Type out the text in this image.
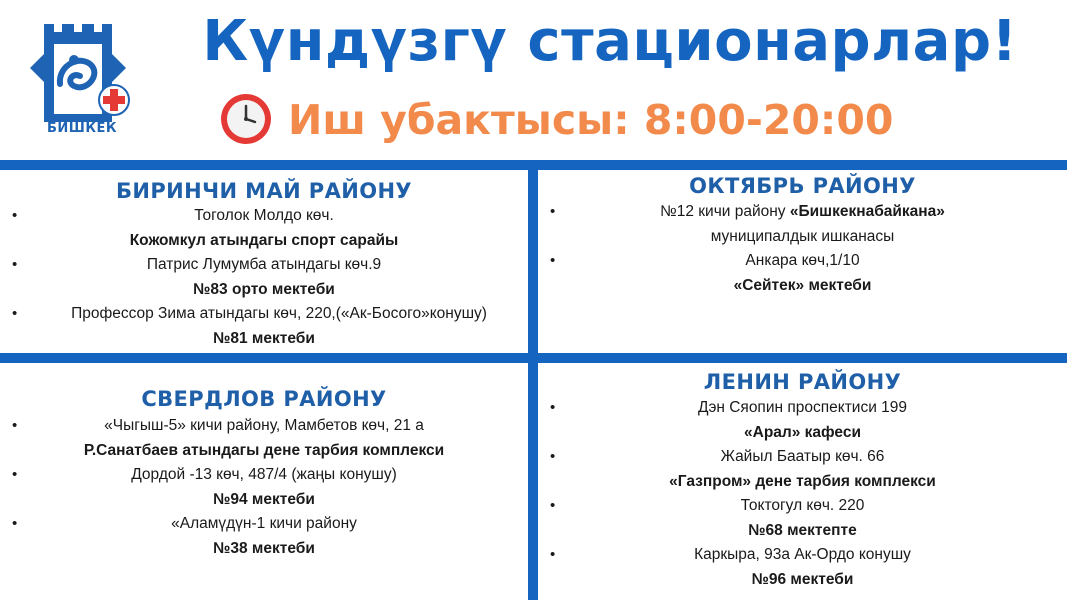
БИШКЕК
Күндүзгү стационарлар!
Иш убактысы: 8:00-20:00
БИРИНЧИ МАЙ РАЙОНУ
•	Тоголок Молдо көч.
Кожомкул атындагы спорт сарайы
•	Патрис Лумумба атындагы көч.9
№83 орто мектеби
•	Профессор Зима атындагы көч, 220,(«Ак-Босого»конушу)
№81 мектеби
ОКТЯБРЬ РАЙОНУ
•	№12 кичи району «Бишкекнабайкана»
муниципалдык ишканасы
•	Анкара көч,1/10
«Сейтек» мектеби
СВЕРДЛОВ РАЙОНУ
•	«Чыгыш-5» кичи району, Мамбетов көч, 21 а
Р.Санатбаев атындагы дене тарбия комплекси
•	Дордой -13 көч, 487/4 (жаңы конушу)
№94 мектеби
•	«Аламүдүн-1 кичи району
№38 мектеби
ЛЕНИН РАЙОНУ
•	Дэн Сяопин проспектиси 199
«Арал» кафеси
•	Жайыл Баатыр көч. 66
«Газпром» дене тарбия комплекси
•	Токтогул көч. 220
№68 мектепте
•	Каркыра, 93а Ак-Ордо конушу
№96 мектеби
